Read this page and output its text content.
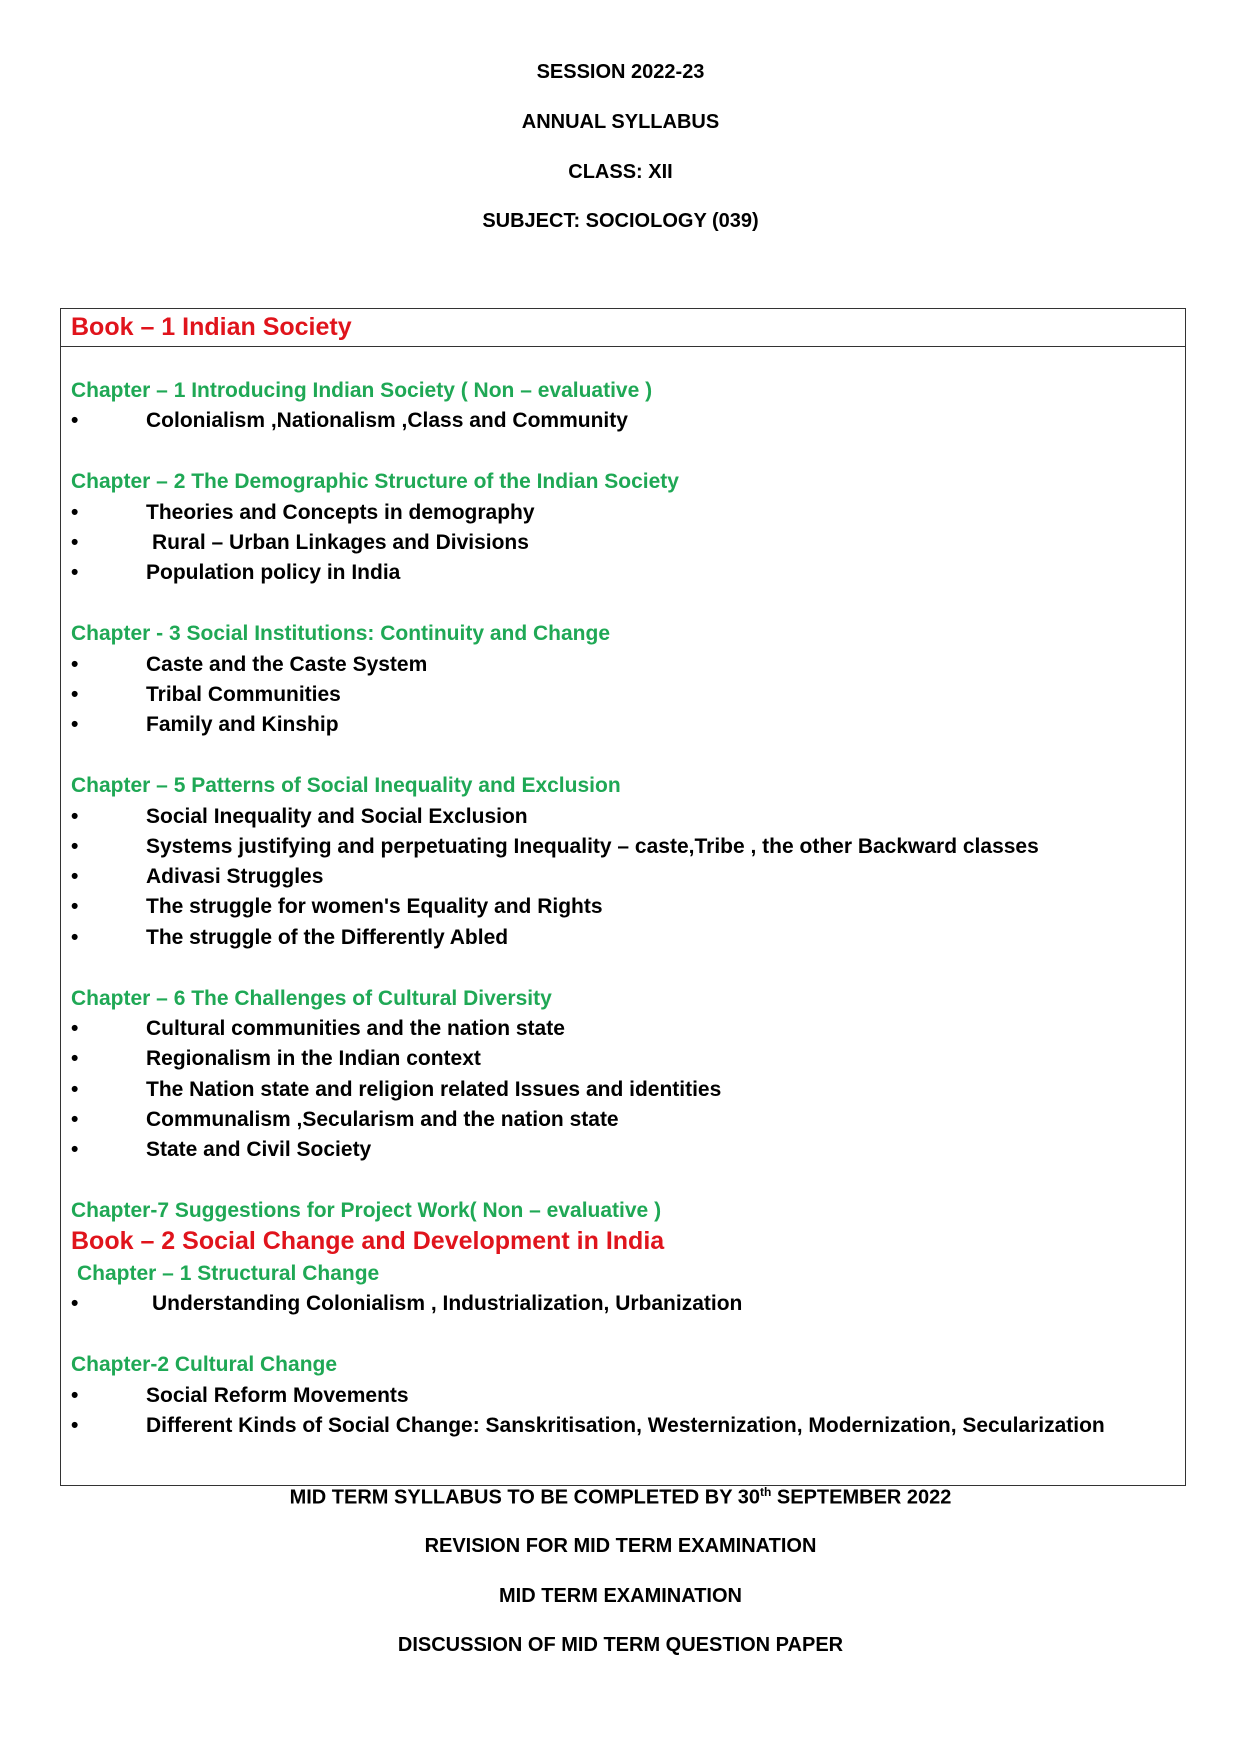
SESSION 2022-23

ANNUAL SYLLABUS

CLASS: XII

SUBJECT: SOCIOLOGY (039)

Book – 1 Indian Society

Chapter – 1 Introducing Indian Society ( Non – evaluative )

•	Colonialism ,Nationalism ,Class and Community

Chapter – 2 The Demographic Structure of the Indian Society

•	Theories and Concepts in demography
•	Rural – Urban Linkages and Divisions
•	Population policy in India

Chapter - 3 Social Institutions: Continuity and Change

•	Caste and the Caste System
•	Tribal Communities
•	Family and Kinship

Chapter – 5 Patterns of Social Inequality and Exclusion

•	Social Inequality and Social Exclusion
•	Systems justifying and perpetuating Inequality – caste,Tribe , the other Backward classes
•	Adivasi Struggles
•	The struggle for women's Equality and Rights
•	The struggle of the Differently Abled

Chapter – 6 The Challenges of Cultural Diversity

•	Cultural communities and the nation state
•	Regionalism in the Indian context
•	The Nation state and religion related Issues and identities
•	Communalism ,Secularism and the nation state
•	State and Civil Society

Chapter-7 Suggestions for Project Work( Non – evaluative )

Book – 2 Social Change and Development in India

Chapter – 1 Structural Change

•	Understanding Colonialism , Industrialization, Urbanization

Chapter-2 Cultural Change

•	Social Reform Movements
•	Different Kinds of Social Change: Sanskritisation, Westernization, Modernization, Secularization

MID TERM SYLLABUS TO BE COMPLETED BY 30th SEPTEMBER 2022

REVISION FOR MID TERM EXAMINATION

MID TERM EXAMINATION

DISCUSSION OF MID TERM QUESTION PAPER
